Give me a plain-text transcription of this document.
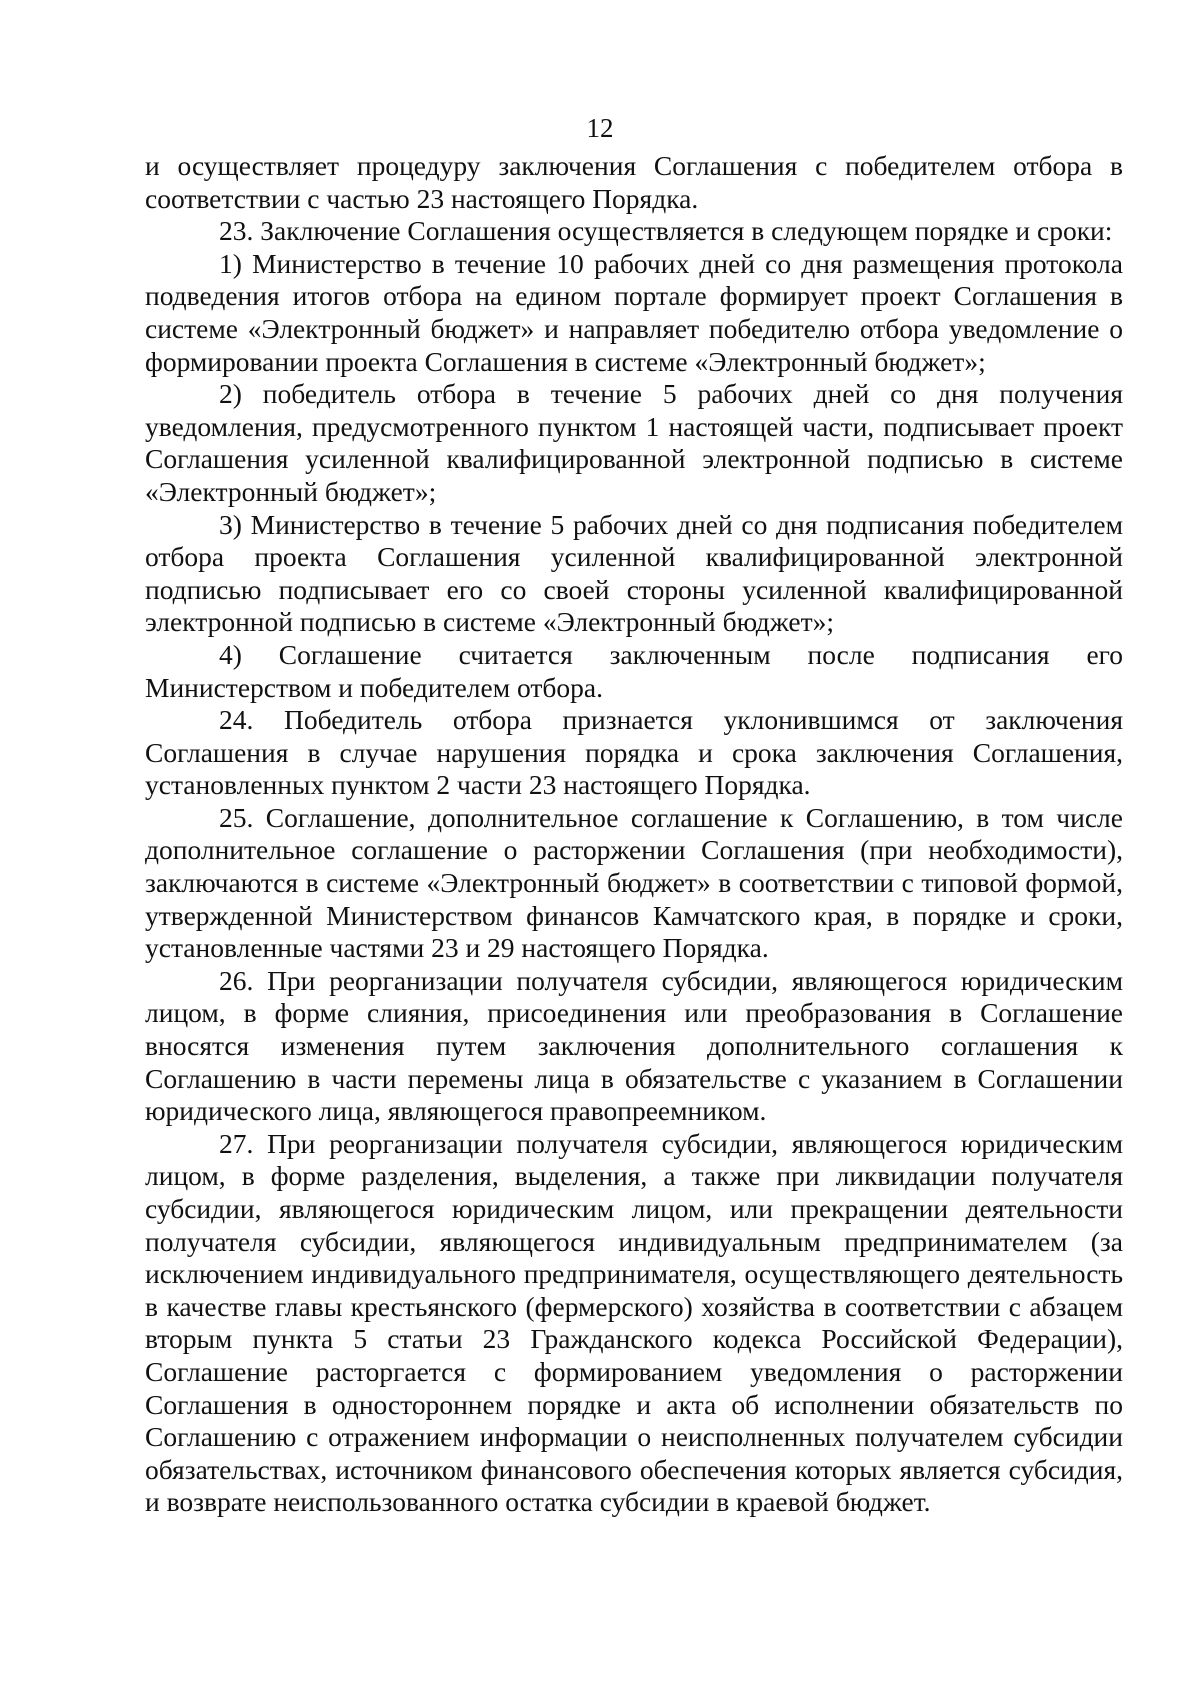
12

и осуществляет процедуру заключения Соглашения с победителем отбора в соответствии с частью 23 настоящего Порядка.

23. Заключение Соглашения осуществляется в следующем порядке и сроки:

1) Министерство в течение 10 рабочих дней со дня размещения протокола подведения итогов отбора на едином портале формирует проект Соглашения в системе «Электронный бюджет» и направляет победителю отбора уведомление о формировании проекта Соглашения в системе «Электронный бюджет»;

2) победитель отбора в течение 5 рабочих дней со дня получения уведомления, предусмотренного пунктом 1 настоящей части, подписывает проект Соглашения усиленной квалифицированной электронной подписью в системе «Электронный бюджет»;

3) Министерство в течение 5 рабочих дней со дня подписания победителем отбора проекта Соглашения усиленной квалифицированной электронной подписью подписывает его со своей стороны усиленной квалифицированной электронной подписью в системе «Электронный бюджет»;

4) Соглашение считается заключенным после подписания его Министерством и победителем отбора.

24. Победитель отбора признается уклонившимся от заключения Соглашения в случае нарушения порядка и срока заключения Соглашения, установленных пунктом 2 части 23 настоящего Порядка.

25. Соглашение, дополнительное соглашение к Соглашению, в том числе дополнительное соглашение о расторжении Соглашения (при необходимости), заключаются в системе «Электронный бюджет» в соответствии с типовой формой, утвержденной Министерством финансов Камчатского края, в порядке и сроки, установленные частями 23 и 29 настоящего Порядка.

26. При реорганизации получателя субсидии, являющегося юридическим лицом, в форме слияния, присоединения или преобразования в Соглашение вносятся изменения путем заключения дополнительного соглашения к Соглашению в части перемены лица в обязательстве с указанием в Соглашении юридического лица, являющегося правопреемником.

27. При реорганизации получателя субсидии, являющегося юридическим лицом, в форме разделения, выделения, а также при ликвидации получателя субсидии, являющегося юридическим лицом, или прекращении деятельности получателя субсидии, являющегося индивидуальным предпринимателем (за исключением индивидуального предпринимателя, осуществляющего деятельность в качестве главы крестьянского (фермерского) хозяйства в соответствии с абзацем вторым пункта 5 статьи 23 Гражданского кодекса Российской Федерации), Соглашение расторгается с формированием уведомления о расторжении Соглашения в одностороннем порядке и акта об исполнении обязательств по Соглашению с отражением информации о неисполненных получателем субсидии обязательствах, источником финансового обеспечения которых является субсидия, и возврате неиспользованного остатка субсидии в краевой бюджет.
